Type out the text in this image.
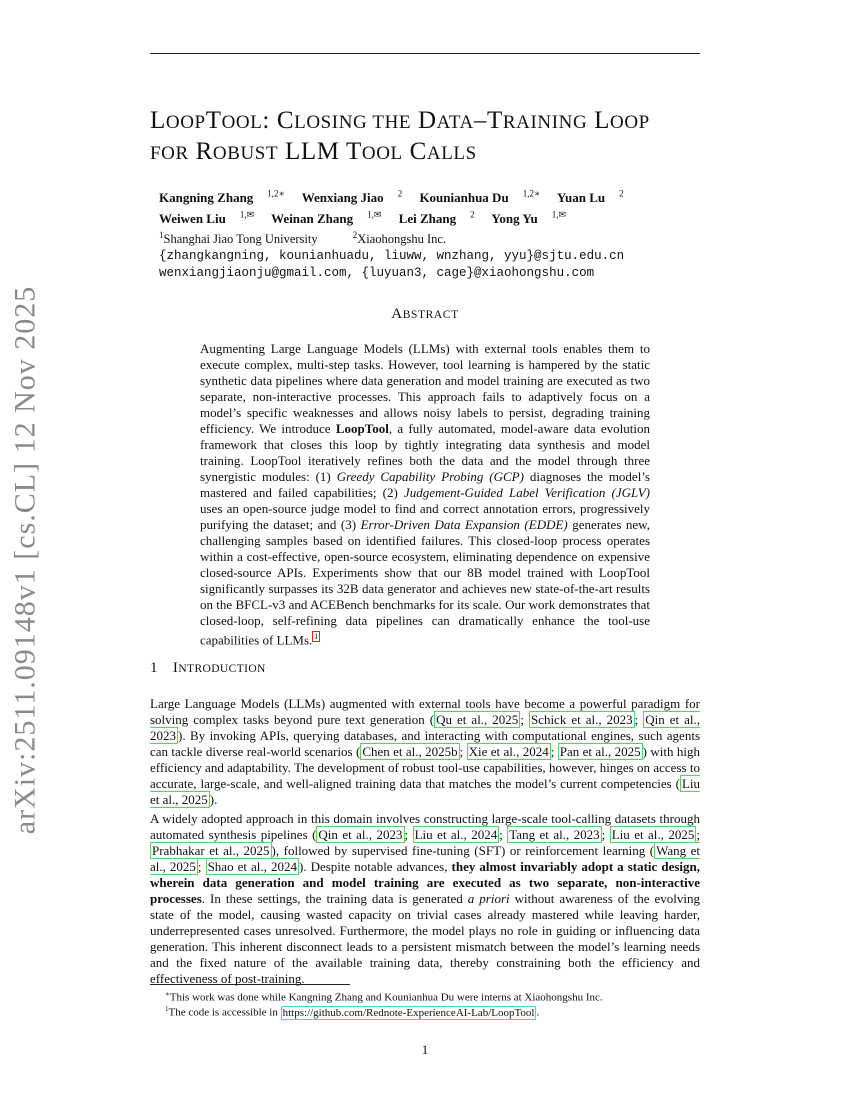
arXiv:2511.09148v1 [cs.CL] 12 Nov 2025
LOOPTOOL: CLOSING THE DATA–TRAINING LOOP
FOR ROBUST LLM TOOL CALLS
Kangning Zhang $^{1,2∗}$ Wenxiang Jiao $^2$ Kounianhua Du $^{1,2∗}$ Yuan Lu $^2$
Weiwen Liu $^{1,✉}$ Weinan Zhang $^{1,✉}$ Lei Zhang $^2$ Yong Yu $^{1,✉}$
$^1$Shanghai Jiao Tong University	$^2$Xiaohongshu Inc.
{zhangkangning, kounianhuadu, liuww, wnzhang, yyu}@sjtu.edu.cn
wenxiangjiaonju@gmail.com, {luyuan3, cage}@xiaohongshu.com
ABSTRACT

Augmenting Large Language Models (LLMs) with external tools enables them to execute complex, multi-step tasks. However, tool learning is hampered by the static synthetic data pipelines where data generation and model training are executed as two separate, non-interactive processes. This approach fails to adaptively focus on a model’s specific weaknesses and allows noisy labels to persist, degrading training efficiency. We introduce LoopTool, a fully automated, model-aware data evolution framework that closes this loop by tightly integrating data synthesis and model training. LoopTool iteratively refines both the data and the model through three synergistic modules: (1) Greedy Capability Probing (GCP) diagnoses the model’s mastered and failed capabilities; (2) Judgement-Guided Label Verification (JGLV) uses an open-source judge model to find and correct annotation errors, progressively purifying the dataset; and (3) Error-Driven Data Expansion (EDDE) generates new, challenging samples based on identified failures. This closed-loop process operates within a cost-effective, open-source ecosystem, eliminating dependence on expensive closed-source APIs. Experiments show that our 8B model trained with LoopTool significantly surpasses its 32B data generator and achieves new state-of-the-art results on the BFCL-v3 and ACEBench benchmarks for its scale. Our work demonstrates that closed-loop, self-refining data pipelines can dramatically enhance the tool-use capabilities of LLMs. $^1$

1 INTRODUCTION

Large Language Models (LLMs) augmented with external tools have become a powerful paradigm for solving complex tasks beyond pure text generation ( Qu et al., 2025 ; Schick et al., 2023 ; Qin et al., 2023 ). By invoking APIs, querying databases, and interacting with computational engines, such agents can tackle diverse real-world scenarios ( Chen et al., 2025b ; Xie et al., 2024 ; Pan et al., 2025 ) with high efficiency and adaptability. The development of robust tool-use capabilities, however, hinges on access to accurate, large-scale, and well-aligned training data that matches the model’s current competencies ( Liu et al., 2025 ).

A widely adopted approach in this domain involves constructing large-scale tool-calling datasets through automated synthesis pipelines ( Qin et al., 2023 ; Liu et al., 2024 ; Tang et al., 2023 ; Liu et al., 2025 ; Prabhakar et al., 2025 ), followed by supervised fine-tuning (SFT) or reinforcement learning ( Wang et al., 2025 ; Shao et al., 2024 ). Despite notable advances, they almost invariably adopt a static design, wherein data generation and model training are executed as two separate, non-interactive processes. In these settings, the training data is generated a priori without awareness of the evolving state of the model, causing wasted capacity on trivial cases already mastered while leaving harder, underrepresented cases unresolved. Furthermore, the model plays no role in guiding or influencing data generation. This inherent disconnect leads to a persistent mismatch between the model’s learning needs and the fixed nature of the available training data, thereby constraining both the efficiency and effectiveness of post-training.

∗This work was done while Kangning Zhang and Kounianhua Du were interns at Xiaohongshu Inc.

$^1$The code is accessible in https://github.com/Rednote-ExperienceAI-Lab/LoopTool .

1
